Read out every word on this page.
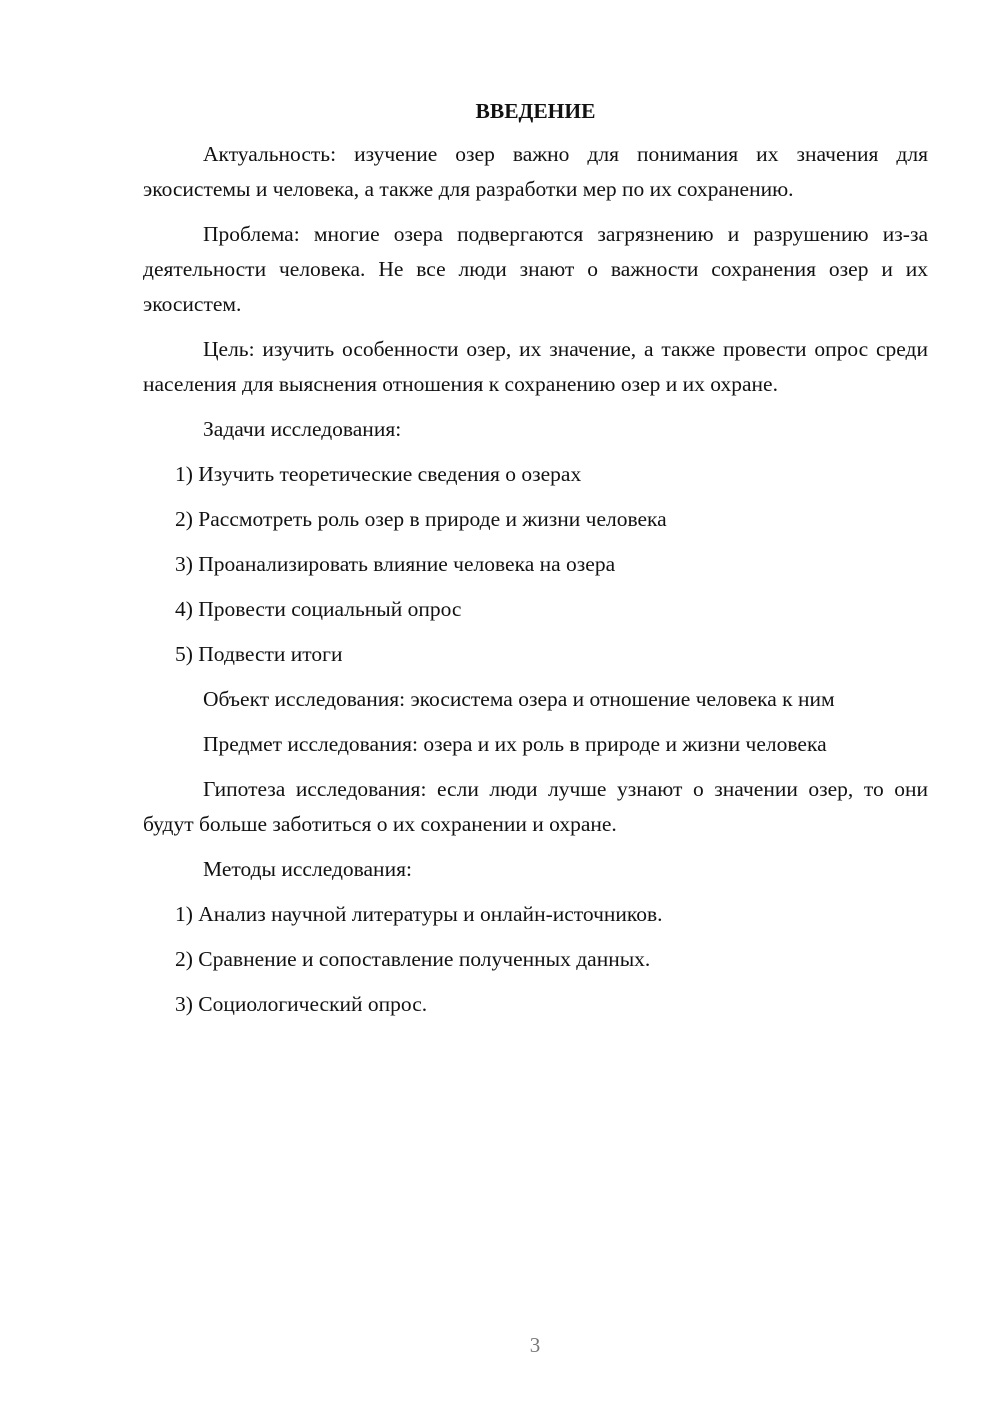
ВВЕДЕНИЕ

Актуальность: изучение озер важно для понимания их значения для экосистемы и человека, а также для разработки мер по их сохранению.

Проблема: многие озера подвергаются загрязнению и разрушению из-за деятельности человека. Не все люди знают о важности сохранения озер и их экосистем.

Цель: изучить особенности озер, их значение, а также провести опрос среди населения для выяснения отношения к сохранению озер и их охране.

Задачи исследования:

1) Изучить теоретические сведения о озерах
2) Рассмотреть роль озер в природе и жизни человека
3) Проанализировать влияние человека на озера
4) Провести социальный опрос
5) Подвести итоги

Объект исследования: экосистема озера и отношение человека к ним

Предмет исследования: озера и их роль в природе и жизни человека

Гипотеза исследования: если люди лучше узнают о значении озер, то они будут больше заботиться о их сохранении и охране.

Методы исследования:

1) Анализ научной литературы и онлайн-источников.
2) Сравнение и сопоставление полученных данных.
3) Социологический опрос.
3
